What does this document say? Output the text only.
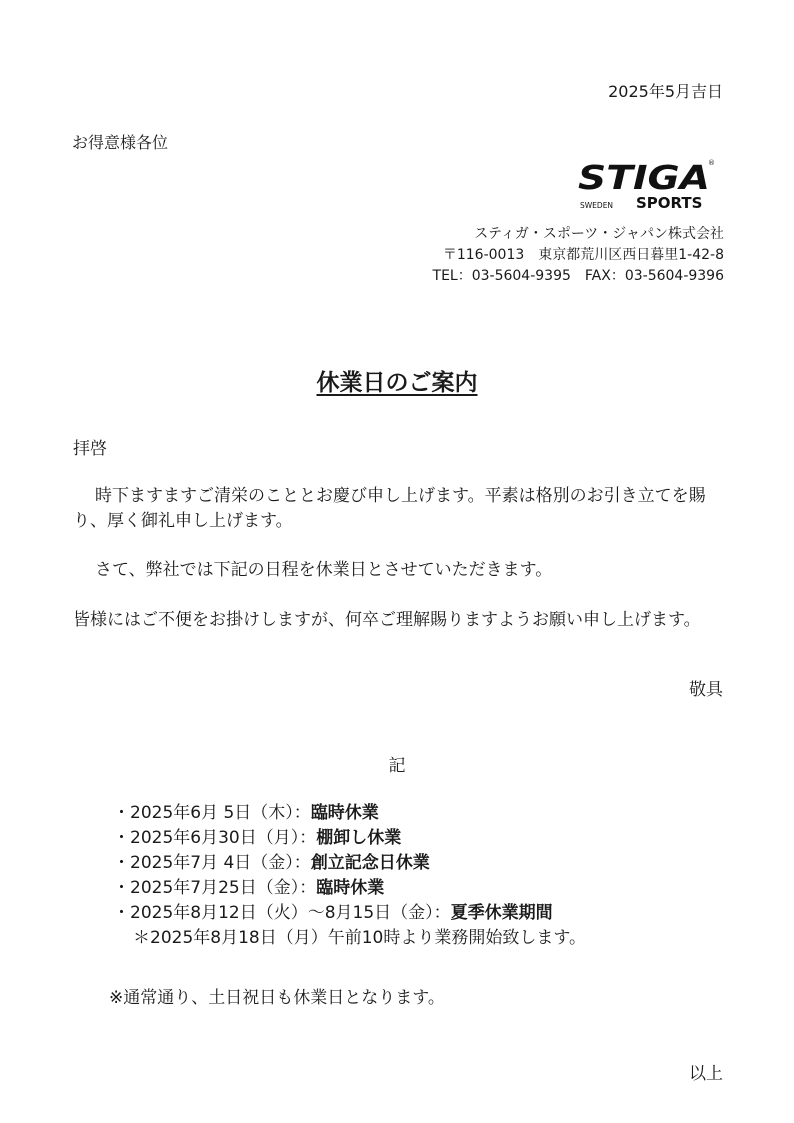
2025年5月吉日
お得意様各位
STIGA
®
SWEDEN SPORTS
スティガ・スポーツ・ジャパン株式会社
〒116-0013　東京都荒川区西日暮里1-42-8
TEL：03-5604-9395　FAX：03-5604-9396
休業日のご案内
拝啓
時下ますますご清栄のこととお慶び申し上げます。平素は格別のお引き立てを賜り、厚く御礼申し上げます。
さて、弊社では下記の日程を休業日とさせていただきます。
皆様にはご不便をお掛けしますが、何卒ご理解賜りますようお願い申し上げます。
敬具
記
・2025年6月 5日（木）：臨時休業
・2025年6月30日（月）：棚卸し休業
・2025年7月 4日（金）：創立記念日休業
・2025年7月25日（金）：臨時休業
・2025年8月12日（火）～8月15日（金）：夏季休業期間
＊2025年8月18日（月）午前10時より業務開始致します。
※通常通り、土日祝日も休業日となります。
以上
